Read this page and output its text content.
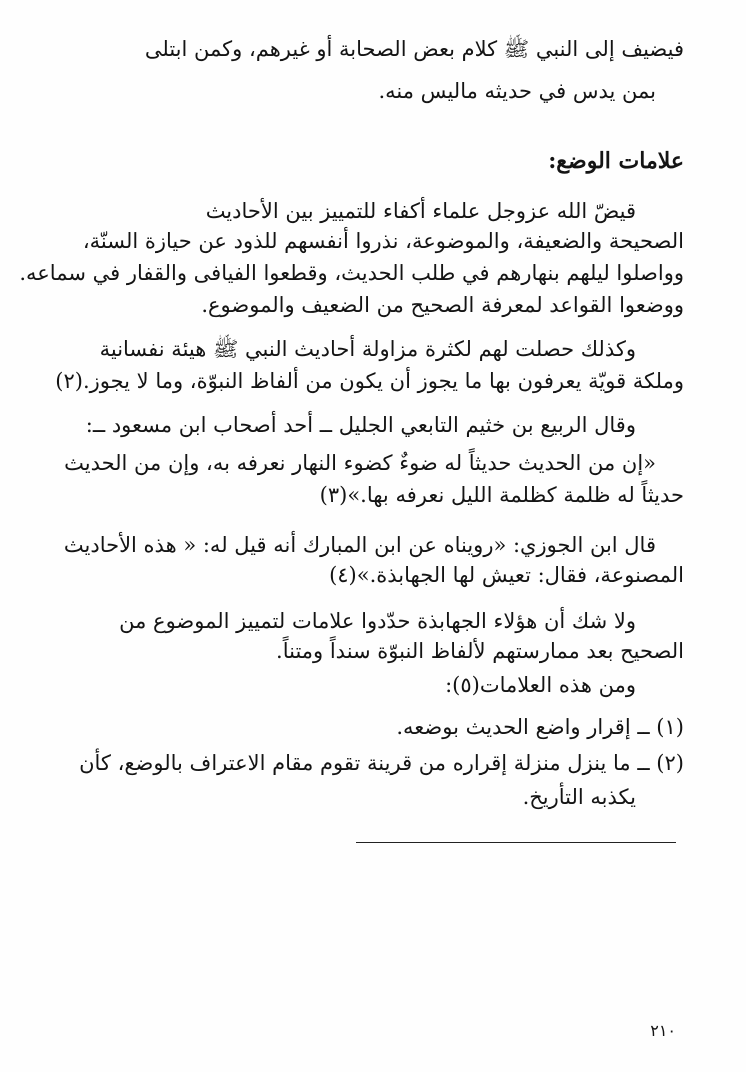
فيضيف إلى النبي ﷺ كلام بعض الصحابة أو غيرهم، وكمن ابتلى
بمن يدس في حديثه ماليس منه.
علامات الوضع:
قيضّ الله عزوجل علماء أكفاء للتمييز بين الأحاديث
الصحيحة والضعيفة، والموضوعة، نذروا أنفسهم للذود عن حيازة السنّة،
وواصلوا ليلهم بنهارهم في طلب الحديث، وقطعوا الفيافى والقفار في سماعه.
ووضعوا القواعد لمعرفة الصحيح من الضعيف والموضوع.
وكذلك حصلت لهم لكثرة مزاولة أحاديث النبي ﷺ هيئة نفسانية
وملكة قويّة يعرفون بها ما يجوز أن يكون من ألفاظ النبوّة، وما لا يجوز.(٢)
وقال الربيع بن خثيم التابعي الجليل ــ أحد أصحاب ابن مسعود ــ:
«إن من الحديث حديثاً له ضوءٌ كضوء النهار نعرفه به، وإن من الحديث
حديثاً له ظلمة كظلمة الليل نعرفه بها.»(٣)
قال ابن الجوزي: «رويناه عن ابن المبارك أنه قيل له: « هذه الأحاديث
المصنوعة، فقال: تعيش لها الجهابذة.»(٤)
ولا شك أن هؤلاء الجهابذة حدّدوا علامات لتمييز الموضوع من
الصحيح بعد ممارستهم لألفاظ النبوّة سنداً ومتناً.
ومن هذه العلامات(٥):
(١) ــ إقرار واضع الحديث بوضعه.
(٢) ــ ما ينزل منزلة إقراره من قرينة تقوم مقام الاعتراف بالوضع، كأن
يكذبه التأريخ.
٢١٠
